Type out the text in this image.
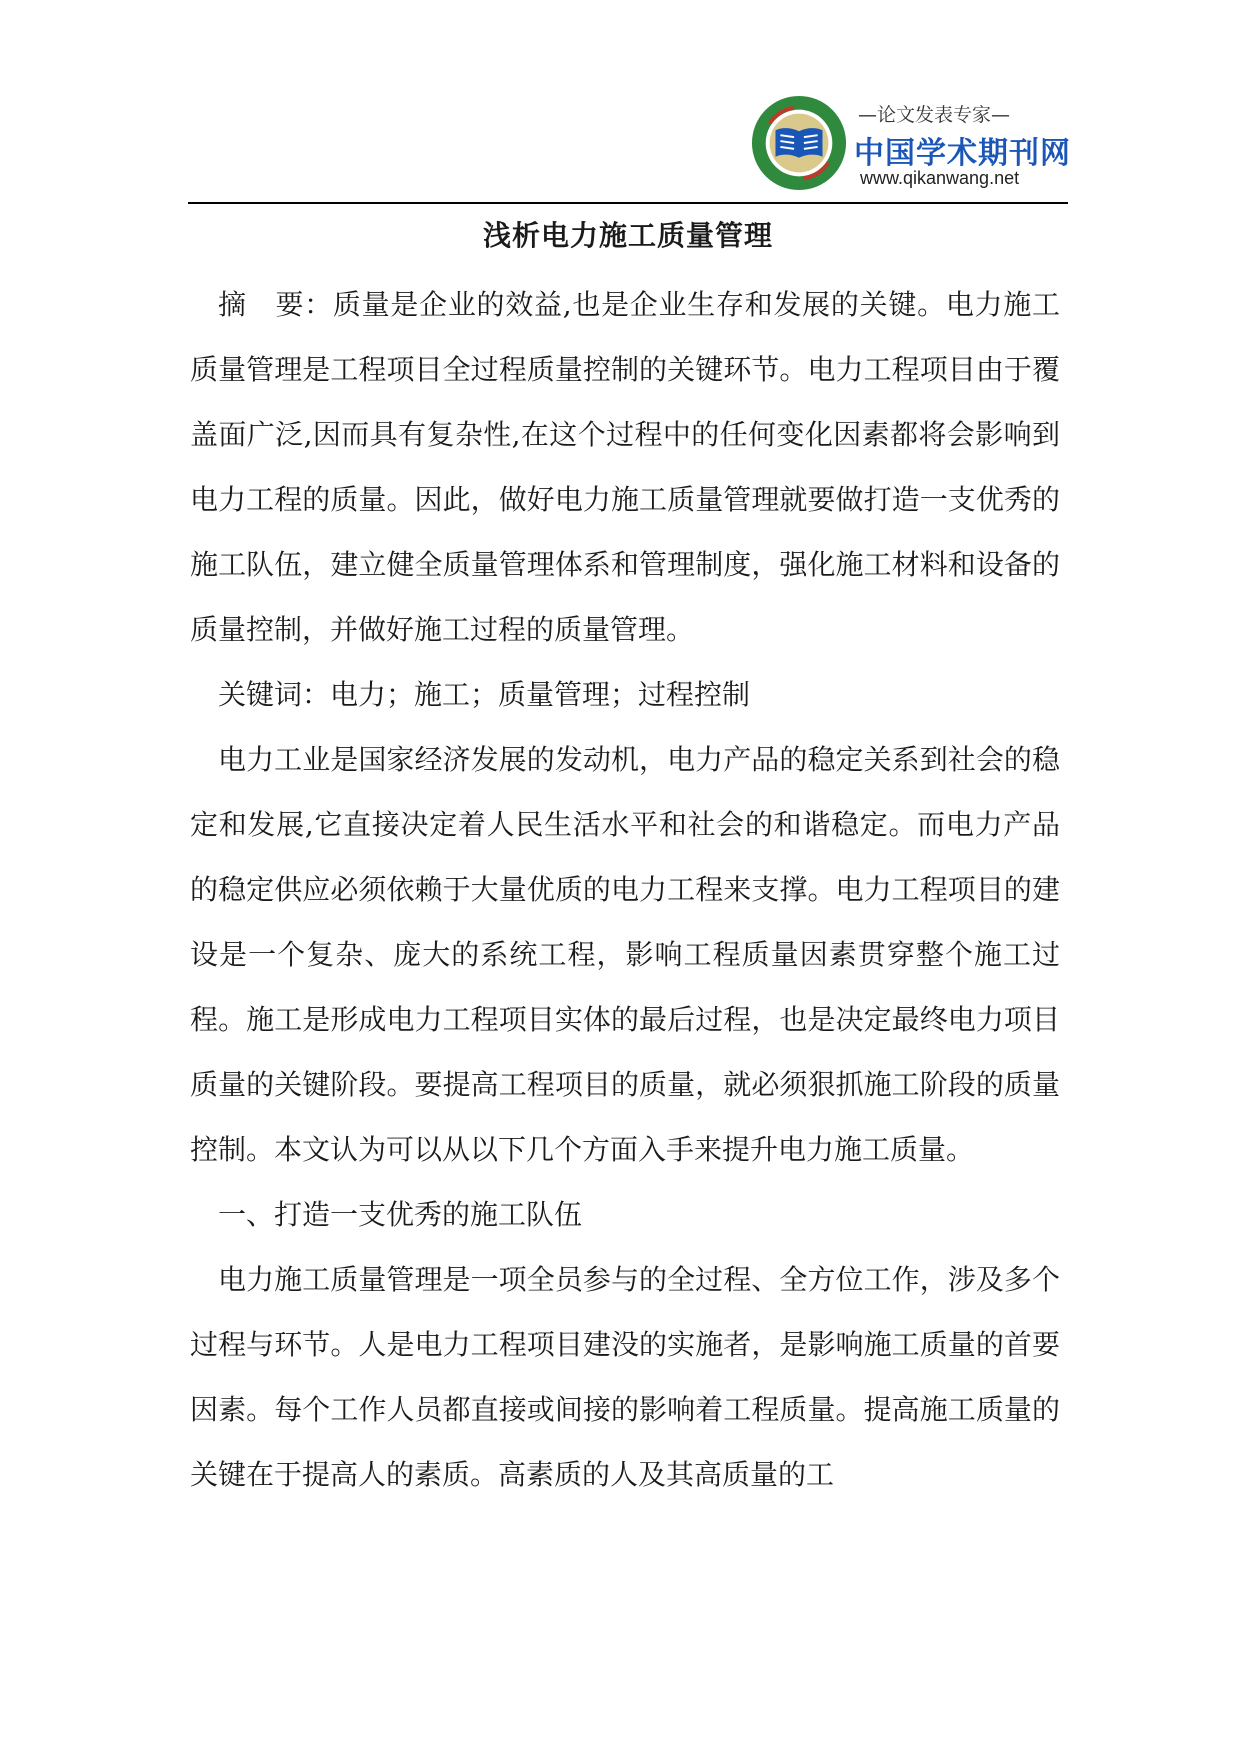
—论文发表专家—
中国学术期刊网
www.qikanwang.net
浅析电力施工质量管理

摘　要：质量是企业的效益,也是企业生存和发展的关键。电力施工质量管理是工程项目全过程质量控制的关键环节。电力工程项目由于覆盖面广泛,因而具有复杂性,在这个过程中的任何变化因素都将会影响到电力工程的质量。因此，做好电力施工质量管理就要做打造一支优秀的施工队伍，建立健全质量管理体系和管理制度，强化施工材料和设备的质量控制，并做好施工过程的质量管理。

关键词：电力；施工；质量管理；过程控制

电力工业是国家经济发展的发动机，电力产品的稳定关系到社会的稳定和发展,它直接决定着人民生活水平和社会的和谐稳定。而电力产品的稳定供应必须依赖于大量优质的电力工程来支撑。电力工程项目的建设是一个复杂、庞大的系统工程，影响工程质量因素贯穿整个施工过程。施工是形成电力工程项目实体的最后过程，也是决定最终电力项目质量的关键阶段。要提高工程项目的质量，就必须狠抓施工阶段的质量控制。本文认为可以从以下几个方面入手来提升电力施工质量。

一、打造一支优秀的施工队伍

电力施工质量管理是一项全员参与的全过程、全方位工作，涉及多个过程与环节。人是电力工程项目建没的实施者，是影响施工质量的首要因素。每个工作人员都直接或间接的影响着工程质量。提高施工质量的关键在于提高人的素质。高素质的人及其高质量的工
